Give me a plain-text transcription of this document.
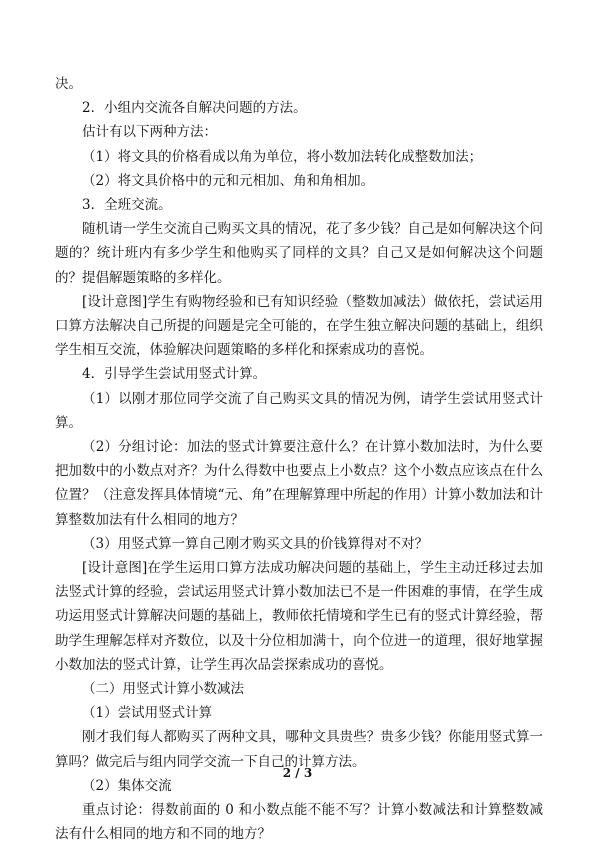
决。

2．小组内交流各自解决问题的方法。

估计有以下两种方法：

（1）将文具的价格看成以角为单位，将小数加法转化成整数加法；

（2）将文具价格中的元和元相加、角和角相加。

3．全班交流。

随机请一学生交流自己购买文具的情况，花了多少钱？自己是如何解决这个问题的？统计班内有多少学生和他购买了同样的文具？自己又是如何解决这个问题的？提倡解题策略的多样化。

[设计意图]学生有购物经验和已有知识经验（整数加减法）做依托，尝试运用口算方法解决自己所提的问题是完全可能的，在学生独立解决问题的基础上，组织学生相互交流，体验解决问题策略的多样化和探索成功的喜悦。

4．引导学生尝试用竖式计算。

（1）以刚才那位同学交流了自己购买文具的情况为例，请学生尝试用竖式计算。

（2）分组讨论：加法的竖式计算要注意什么？在计算小数加法时，为什么要把加数中的小数点对齐？为什么得数中也要点上小数点？这个小数点应该点在什么位置？（注意发挥具体情境“元、角”在理解算理中所起的作用）计算小数加法和计算整数加法有什么相同的地方？

（3）用竖式算一算自己刚才购买文具的价钱算得对不对？

[设计意图]在学生运用口算方法成功解决问题的基础上，学生主动迁移过去加法竖式计算的经验，尝试运用竖式计算小数加法已不是一件困难的事情，在学生成功运用竖式计算解决问题的基础上，教师依托情境和学生已有的竖式计算经验，帮助学生理解怎样对齐数位，以及十分位相加满十，向个位进一的道理，很好地掌握小数加法的竖式计算，让学生再次品尝探索成功的喜悦。

（二）用竖式计算小数减法

（1）尝试用竖式计算

刚才我们每人都购买了两种文具，哪种文具贵些？贵多少钱？你能用竖式算一算吗？做完后与组内同学交流一下自己的计算方法。

（2）集体交流

重点讨论：得数前面的 0 和小数点能不能不写？计算小数减法和计算整数减法有什么相同的地方和不同的地方？

2 / 3
